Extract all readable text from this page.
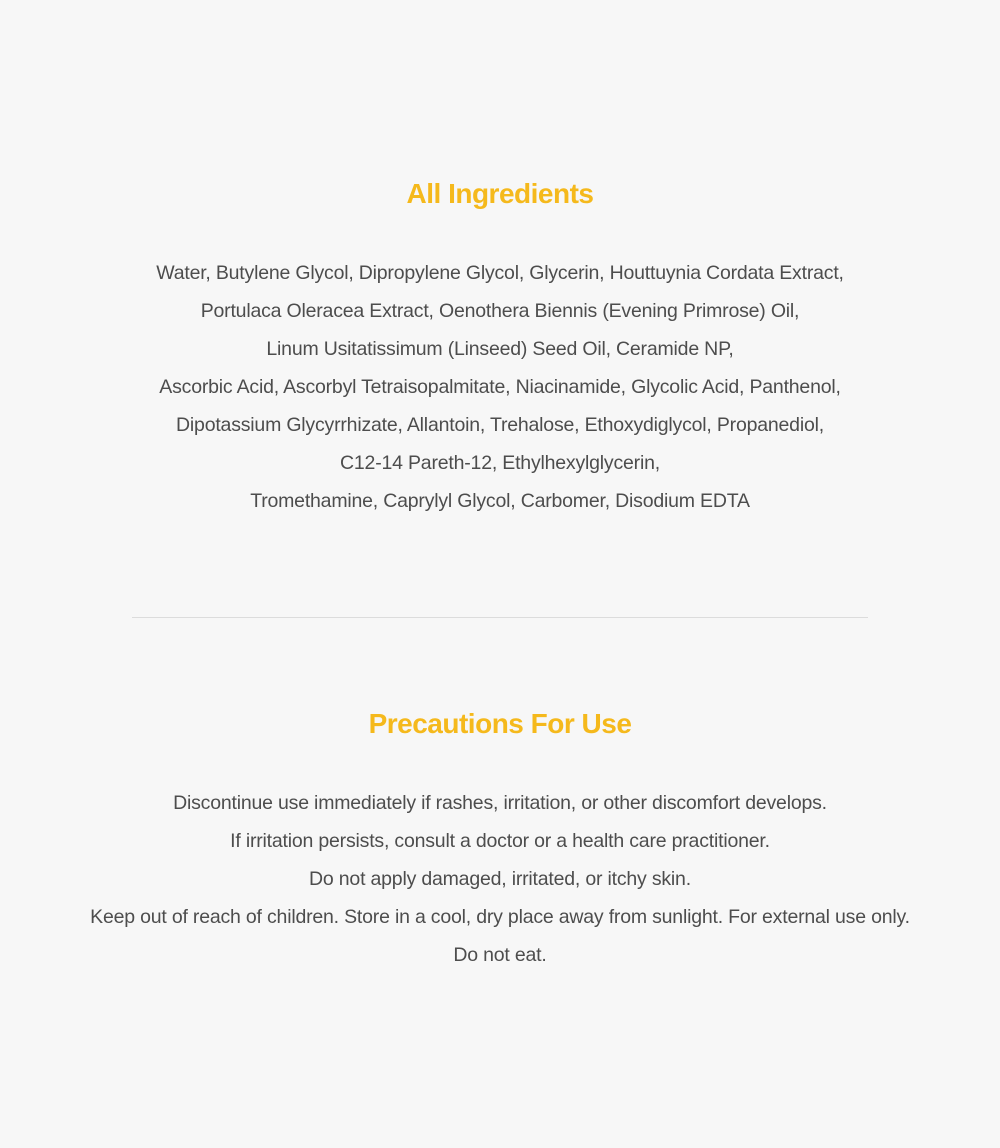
All Ingredients
Water, Butylene Glycol, Dipropylene Glycol, Glycerin, Houttuynia Cordata Extract,
Portulaca Oleracea Extract, Oenothera Biennis (Evening Primrose) Oil,
Linum Usitatissimum (Linseed) Seed Oil, Ceramide NP,
Ascorbic Acid, Ascorbyl Tetraisopalmitate, Niacinamide, Glycolic Acid, Panthenol,
Dipotassium Glycyrrhizate, Allantoin, Trehalose, Ethoxydiglycol, Propanediol,
C12-14 Pareth-12, Ethylhexylglycerin,
Tromethamine, Caprylyl Glycol, Carbomer, Disodium EDTA
Precautions For Use
Discontinue use immediately if rashes, irritation, or other discomfort develops.
If irritation persists, consult a doctor or a health care practitioner.
Do not apply damaged, irritated, or itchy skin.
Keep out of reach of children. Store in a cool, dry place away from sunlight. For external use only.
Do not eat.
